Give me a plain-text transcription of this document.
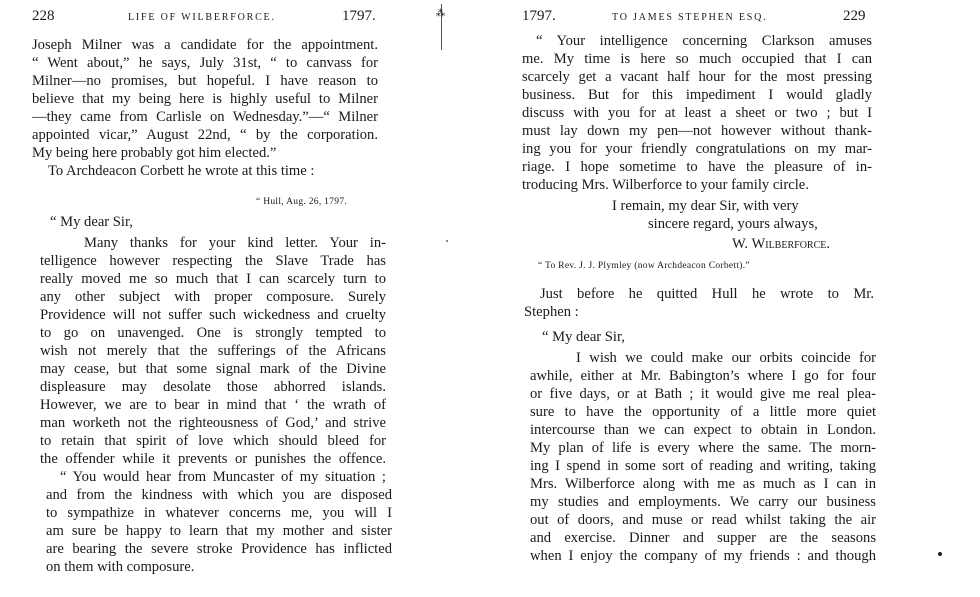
228	LIFE OF WILBERFORCE.	1797.
Joseph Milner was a candidate for the appointment.
“ Went about,” he says, July 31st, “ to canvass for
Milner—no promises, but hopeful. I have reason to
believe that my being here is highly useful to Milner
—they came from Carlisle on Wednesday.”—“ Milner
appointed vicar,” August 22nd, “ by the corporation.
My being here probably got him elected.”
To Archdeacon Corbett he wrote at this time :
“ Hull, Aug. 26, 1797.
“ My dear Sir,
Many thanks for your kind letter. Your in-
telligence however respecting the Slave Trade has
really moved me so much that I can scarcely turn to
any other subject with proper composure. Surely
Providence will not suffer such wickedness and cruelty
to go on unavenged. One is strongly tempted to
wish not merely that the sufferings of the Africans
may cease, but that some signal mark of the Divine
displeasure may desolate those abhorred islands.
However, we are to bear in mind that ‘ the wrath of
man worketh not the righteousness of God,’ and strive
to retain that spirit of love which should bleed for
the offender while it prevents or punishes the offence.
“ You would hear from Muncaster of my situation ;
and from the kindness with which you are disposed
to sympathize in whatever concerns me, you will I
am sure be happy to learn that my mother and sister
are bearing the severe stroke Providence has inflicted
on them with composure.
⁂	1797.	TO JAMES STEPHEN ESQ.	229
“ Your intelligence concerning Clarkson amuses
me. My time is here so much occupied that I can
scarcely get a vacant half hour for the most pressing
business. But for this impediment I would gladly
discuss with you for at least a sheet or two ; but I
must lay down my pen—not however without thank-
ing you for your friendly congratulations on my mar-
riage. I hope sometime to have the pleasure of in-
troducing Mrs. Wilberforce to your family circle.
I remain, my dear Sir, with very
sincere regard, yours always,
W. Wilberforce.
“ To Rev. J. J. Plymley (now Archdeacon Corbett).”
Just before he quitted Hull he wrote to Mr.
Stephen :
“ My dear Sir,
I wish we could make our orbits coincide for
awhile, either at Mr. Babington’s where I go for four
or five days, or at Bath ; it would give me real plea-
sure to have the opportunity of a little more quiet
intercourse than we can expect to obtain in London.
My plan of life is every where the same. The morn-
ing I spend in some sort of reading and writing, taking
Mrs. Wilberforce along with me as much as I can in
my studies and employments. We carry our business
out of doors, and muse or read whilst taking the air
and exercise. Dinner and supper are the seasons
when I enjoy the company of my friends : and though
